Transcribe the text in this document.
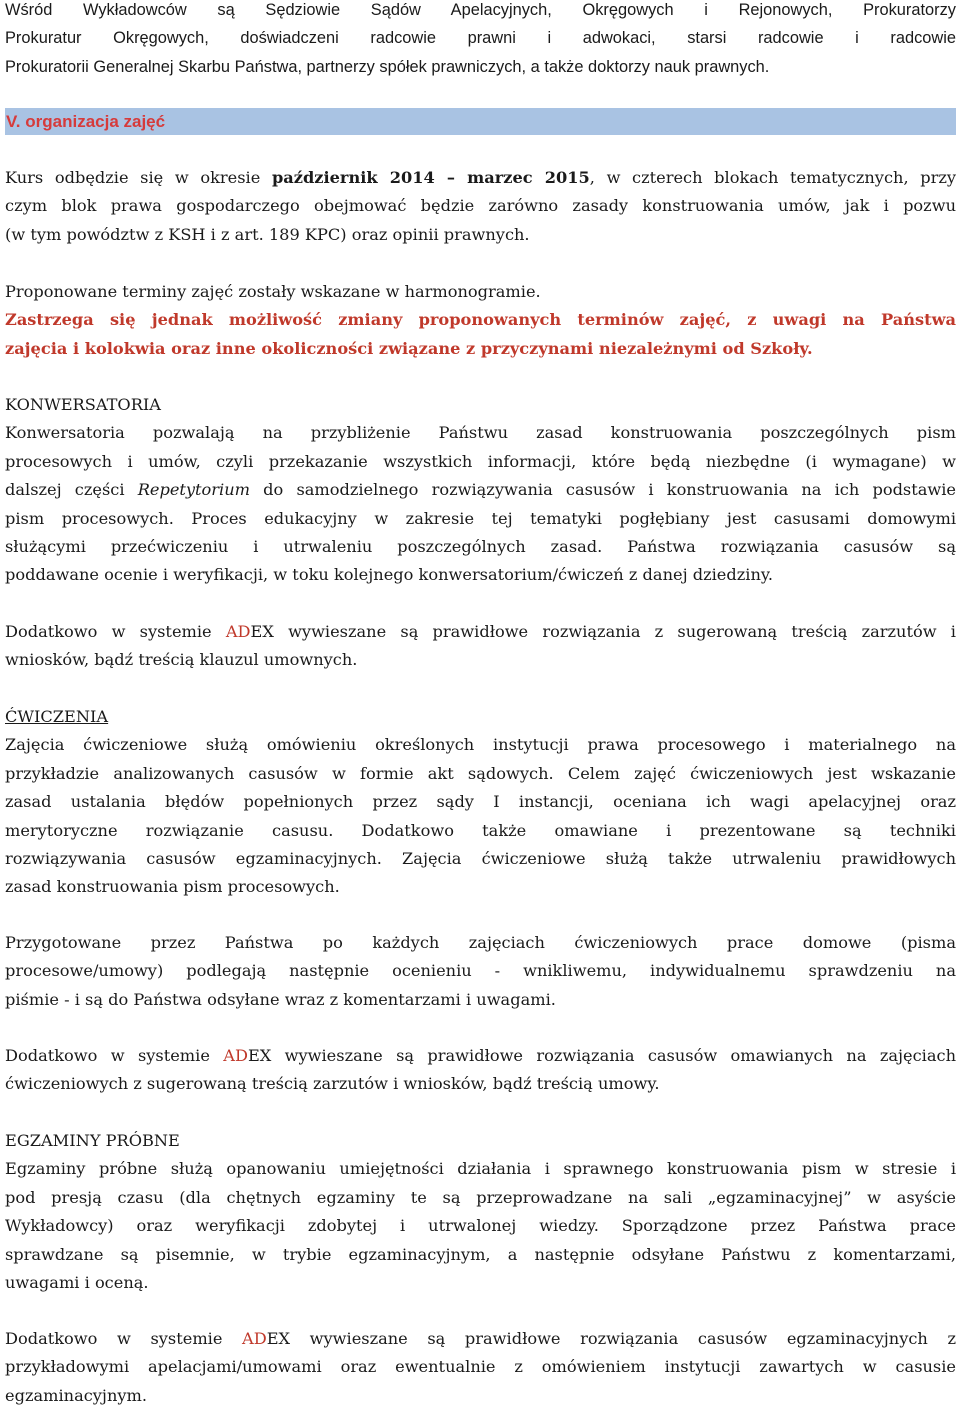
Wśród Wykładowców są Sędziowie Sądów Apelacyjnych, Okręgowych i Rejonowych, Prokuratorzy
Prokuratur Okręgowych, doświadczeni radcowie prawni i adwokaci, starsi radcowie i radcowie
Prokuratorii Generalnej Skarbu Państwa, partnerzy spółek prawniczych, a także doktorzy nauk prawnych.
V. organizacja zajęć
Kurs odbędzie się w okresie październik 2014 – marzec 2015, w czterech blokach tematycznych, przy
czym blok prawa gospodarczego obejmować będzie zarówno zasady konstruowania umów, jak i pozwu
(w tym powództw z KSH i z art. 189 KPC) oraz opinii prawnych.
Proponowane terminy zajęć zostały wskazane w harmonogramie.
Zastrzega się jednak możliwość zmiany proponowanych terminów zajęć, z uwagi na Państwa
zajęcia i kolokwia oraz inne okoliczności związane z przyczynami niezależnymi od Szkoły.
KONWERSATORIA
Konwersatoria pozwalają na przybliżenie Państwu zasad konstruowania poszczególnych pism
procesowych i umów, czyli przekazanie wszystkich informacji, które będą niezbędne (i wymagane) w
dalszej części Repetytorium do samodzielnego rozwiązywania casusów i konstruowania na ich podstawie
pism procesowych. Proces edukacyjny w zakresie tej tematyki pogłębiany jest casusami domowymi
służącymi przećwiczeniu i utrwaleniu poszczególnych zasad. Państwa rozwiązania casusów są
poddawane ocenie i weryfikacji, w toku kolejnego konwersatorium/ćwiczeń z danej dziedziny.
Dodatkowo w systemie ADEX wywieszane są prawidłowe rozwiązania z sugerowaną treścią zarzutów i
wniosków, bądź treścią klauzul umownych.
ĆWICZENIA
Zajęcia ćwiczeniowe służą omówieniu określonych instytucji prawa procesowego i materialnego na
przykładzie analizowanych casusów w formie akt sądowych. Celem zajęć ćwiczeniowych jest wskazanie
zasad ustalania błędów popełnionych przez sądy I instancji, oceniana ich wagi apelacyjnej oraz
merytoryczne rozwiązanie casusu. Dodatkowo także omawiane i prezentowane są techniki
rozwiązywania casusów egzaminacyjnych. Zajęcia ćwiczeniowe służą także utrwaleniu prawidłowych
zasad konstruowania pism procesowych.
Przygotowane przez Państwa po każdych zajęciach ćwiczeniowych prace domowe (pisma
procesowe/umowy) podlegają następnie ocenieniu - wnikliwemu, indywidualnemu sprawdzeniu na
piśmie - i są do Państwa odsyłane wraz z komentarzami i uwagami.
Dodatkowo w systemie ADEX wywieszane są prawidłowe rozwiązania casusów omawianych na zajęciach
ćwiczeniowych z sugerowaną treścią zarzutów i wniosków, bądź treścią umowy.
EGZAMINY PRÓBNE
Egzaminy próbne służą opanowaniu umiejętności działania i sprawnego konstruowania pism w stresie i
pod presją czasu (dla chętnych egzaminy te są przeprowadzane na sali „egzaminacyjnej” w asyście
Wykładowcy) oraz weryfikacji zdobytej i utrwalonej wiedzy. Sporządzone przez Państwa prace
sprawdzane są pisemnie, w trybie egzaminacyjnym, a następnie odsyłane Państwu z komentarzami,
uwagami i oceną.
Dodatkowo w systemie ADEX wywieszane są prawidłowe rozwiązania casusów egzaminacyjnych z
przykładowymi apelacjami/umowami oraz ewentualnie z omówieniem instytucji zawartych w casusie
egzaminacyjnym.
